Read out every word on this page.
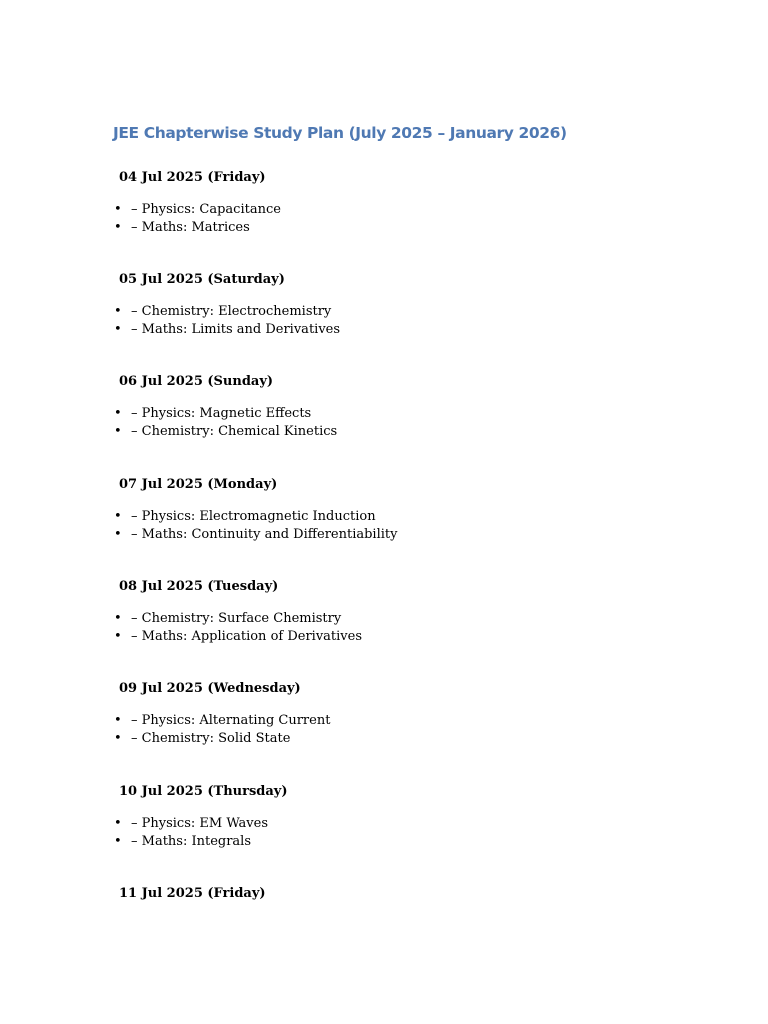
JEE Chapterwise Study Plan (July 2025 – January 2026)
04 Jul 2025 (Friday)
• ⁠– Physics: Capacitance
• ⁠– Maths: Matrices
05 Jul 2025 (Saturday)
• ⁠– Chemistry: Electrochemistry
• ⁠– Maths: Limits and Derivatives
06 Jul 2025 (Sunday)
• ⁠– Physics: Magnetic Effects
• ⁠– Chemistry: Chemical Kinetics
07 Jul 2025 (Monday)
• ⁠– Physics: Electromagnetic Induction
• ⁠– Maths: Continuity and Differentiability
08 Jul 2025 (Tuesday)
• ⁠– Chemistry: Surface Chemistry
• ⁠– Maths: Application of Derivatives
09 Jul 2025 (Wednesday)
• ⁠– Physics: Alternating Current
• ⁠– Chemistry: Solid State
10 Jul 2025 (Thursday)
• ⁠– Physics: EM Waves
• ⁠– Maths: Integrals
11 Jul 2025 (Friday)
